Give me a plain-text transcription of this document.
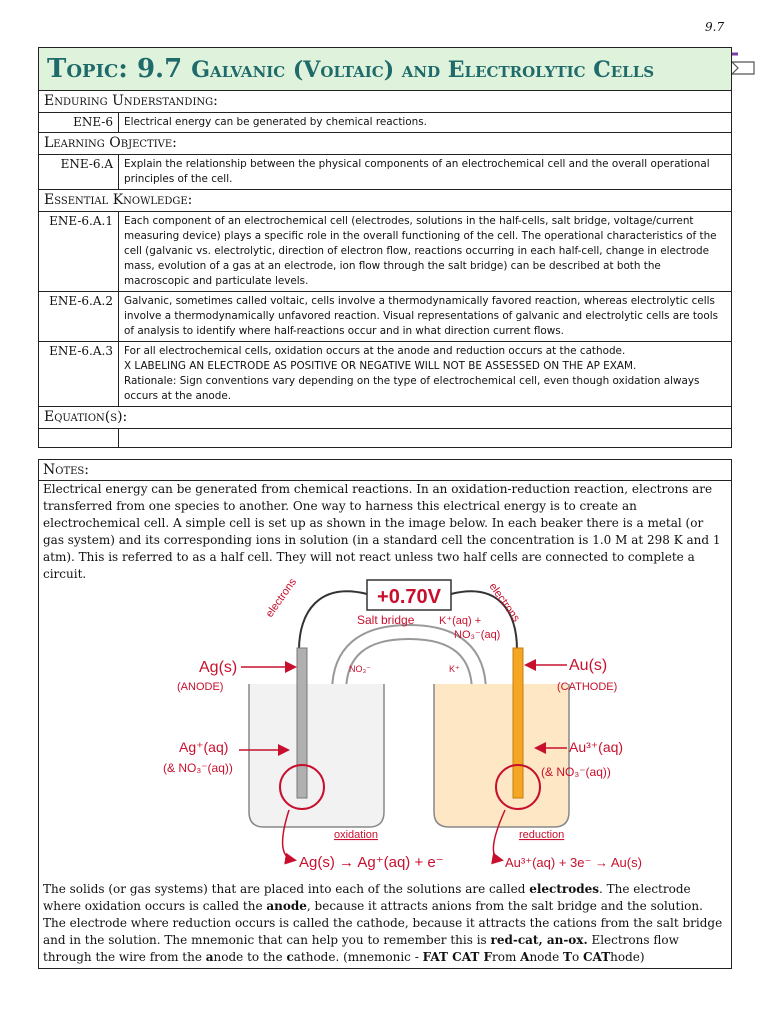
9.7
Topic: 9.7 Galvanic (Voltaic) and Electrolytic Cells
Enduring Understanding:
ENE-6	Electrical energy can be generated by chemical reactions.
Learning Objective:
ENE-6.A	Explain the relationship between the physical components of an electrochemical cell and the overall operational principles of the cell.
Essential Knowledge:
ENE-6.A.1	Each component of an electrochemical cell (electrodes, solutions in the half-cells, salt bridge, voltage/current measuring device) plays a specific role in the overall functioning of the cell. The operational characteristics of the cell (galvanic vs. electrolytic, direction of electron flow, reactions occurring in each half-cell, change in electrode mass, evolution of a gas at an electrode, ion flow through the salt bridge) can be described at both the macroscopic and particulate levels.
ENE-6.A.2	Galvanic, sometimes called voltaic, cells involve a thermodynamically favored reaction, whereas electrolytic cells involve a thermodynamically unfavored reaction. Visual representations of galvanic and electrolytic cells are tools of analysis to identify where half-reactions occur and in what direction current flows.
ENE-6.A.3	For all electrochemical cells, oxidation occurs at the anode and reduction occurs at the cathode.
X LABELING AN ELECTRODE AS POSITIVE OR NEGATIVE WILL NOT BE ASSESSED ON THE AP EXAM.
Rationale: Sign conventions vary depending on the type of electrochemical cell, even though oxidation always occurs at the anode.
Equation(s):
Notes:
Electrical energy can be generated from chemical reactions. In an oxidation-reduction reaction, electrons are transferred from one species to another. One way to harness this electrical energy is to create an electrochemical cell. A simple cell is set up as shown in the image below. In each beaker there is a metal (or gas system) and its corresponding ions in solution (in a standard cell the concentration is 1.0 M at 298 K and 1 atm). This is referred to as a half cell. They will not react unless two half cells are connected to complete a circuit.
+0.70V
electrons	electrons
Salt bridge K⁺(aq) +
NO₃⁻(aq)
NO₃⁻	K⁺
Ag(s)
(ANODE)
Au(s)
(CATHODE)
Ag⁺(aq)
(& NO₃⁻(aq))
Au³⁺(aq)
(& NO₃⁻(aq))
oxidation	reduction
Ag(s) → Ag⁺(aq) + e⁻	Au³⁺(aq) + 3e⁻ → Au(s)
The solids (or gas systems) that are placed into each of the solutions are called electrodes. The electrode where oxidation occurs is called the anode, because it attracts anions from the salt bridge and the solution. The electrode where reduction occurs is called the cathode, because it attracts the cations from the salt bridge and in the solution. The mnemonic that can help you to remember this is red-cat, an-ox. Electrons flow through the wire from the anode to the cathode. (mnemonic - FAT CAT From Anode To CAThode)
